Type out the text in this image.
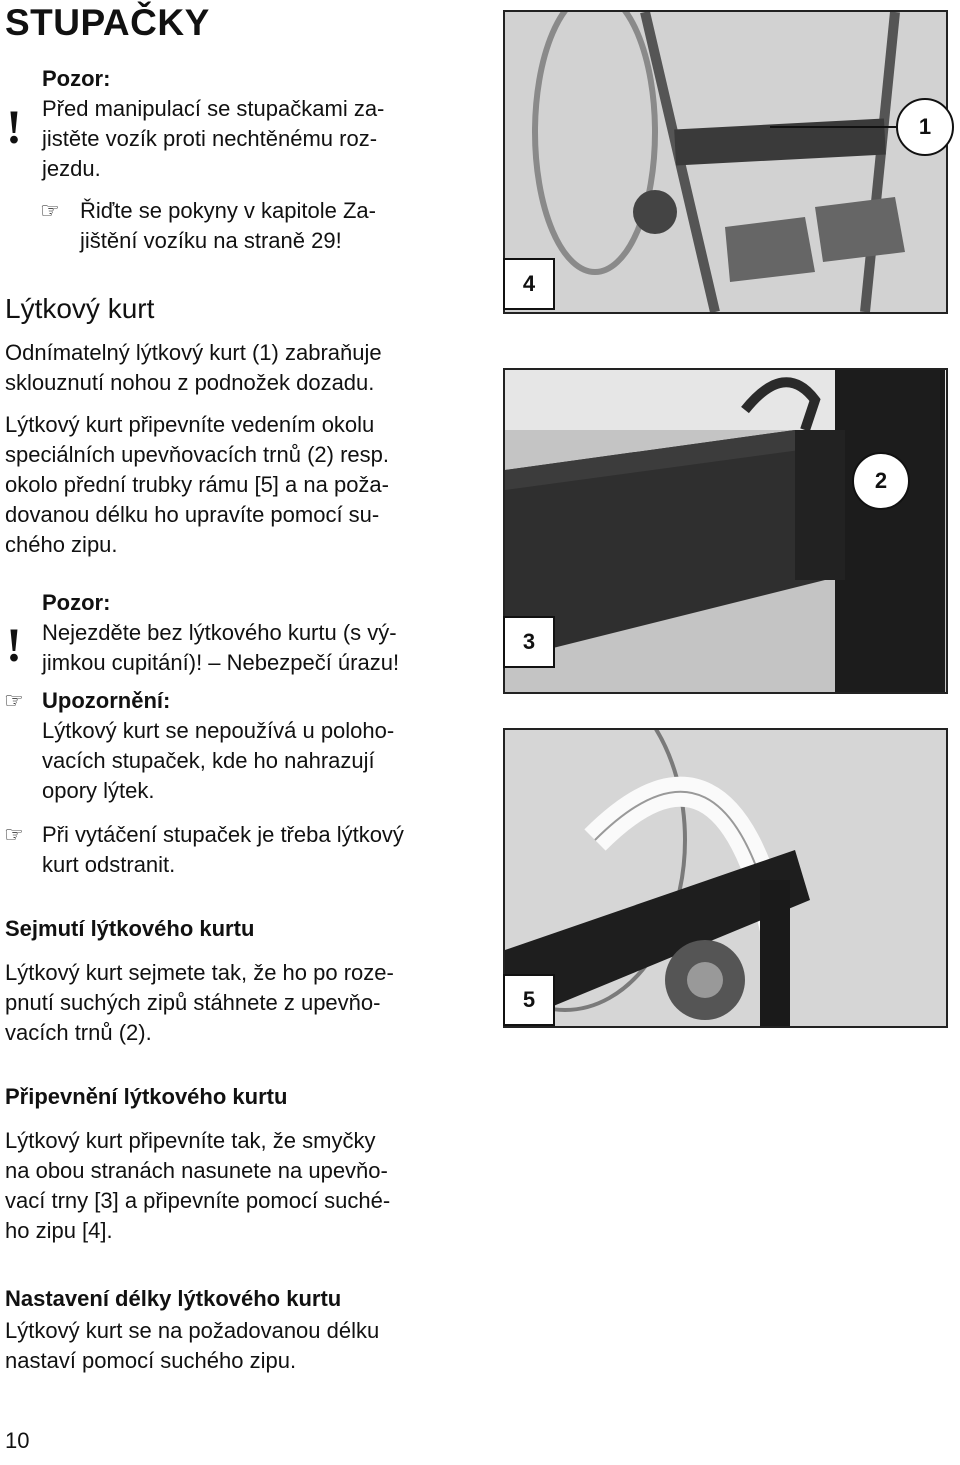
STUPAČKY
!
Pozor:
Před manipulací se stupačkami za-
jistěte vozík proti nechtěnému roz-
jezdu.
☞ Řiďte se pokyny v kapitole Za-
jištění vozíku na straně 29!
Lýtkový kurt
Odnímatelný lýtkový kurt (1) zabraňuje
sklouznutí nohou z podnožek dozadu.
Lýtkový kurt připevníte vedením okolu
speciálních upevňovacích trnů (2) resp.
okolo přední trubky rámu [5] a na poža-
dovanou délku ho upravíte pomocí su-
chého zipu.
!
Pozor:
Nejezděte bez lýtkového kurtu (s vý-
jimkou cupitání)! – Nebezpečí úrazu!
☞ Upozornění:
Lýtkový kurt se nepoužívá u poloho-
vacích stupaček, kde ho nahrazují
opory lýtek.
☞ Při vytáčení stupaček je třeba lýtkový
kurt odstranit.
Sejmutí lýtkového kurtu
Lýtkový kurt sejmete tak, že ho po roze-
pnutí suchých zipů stáhnete z upevňo-
vacích trnů (2).
Připevnění lýtkového kurtu
Lýtkový kurt připevníte tak, že smyčky
na obou stranách nasunete na upevňo-
vací trny [3] a připevníte pomocí suché-
ho zipu [4].
Nastavení délky lýtkového kurtu
Lýtkový kurt se na požadovanou délku
nastaví pomocí suchého zipu.
10
4
1
3
2
5
